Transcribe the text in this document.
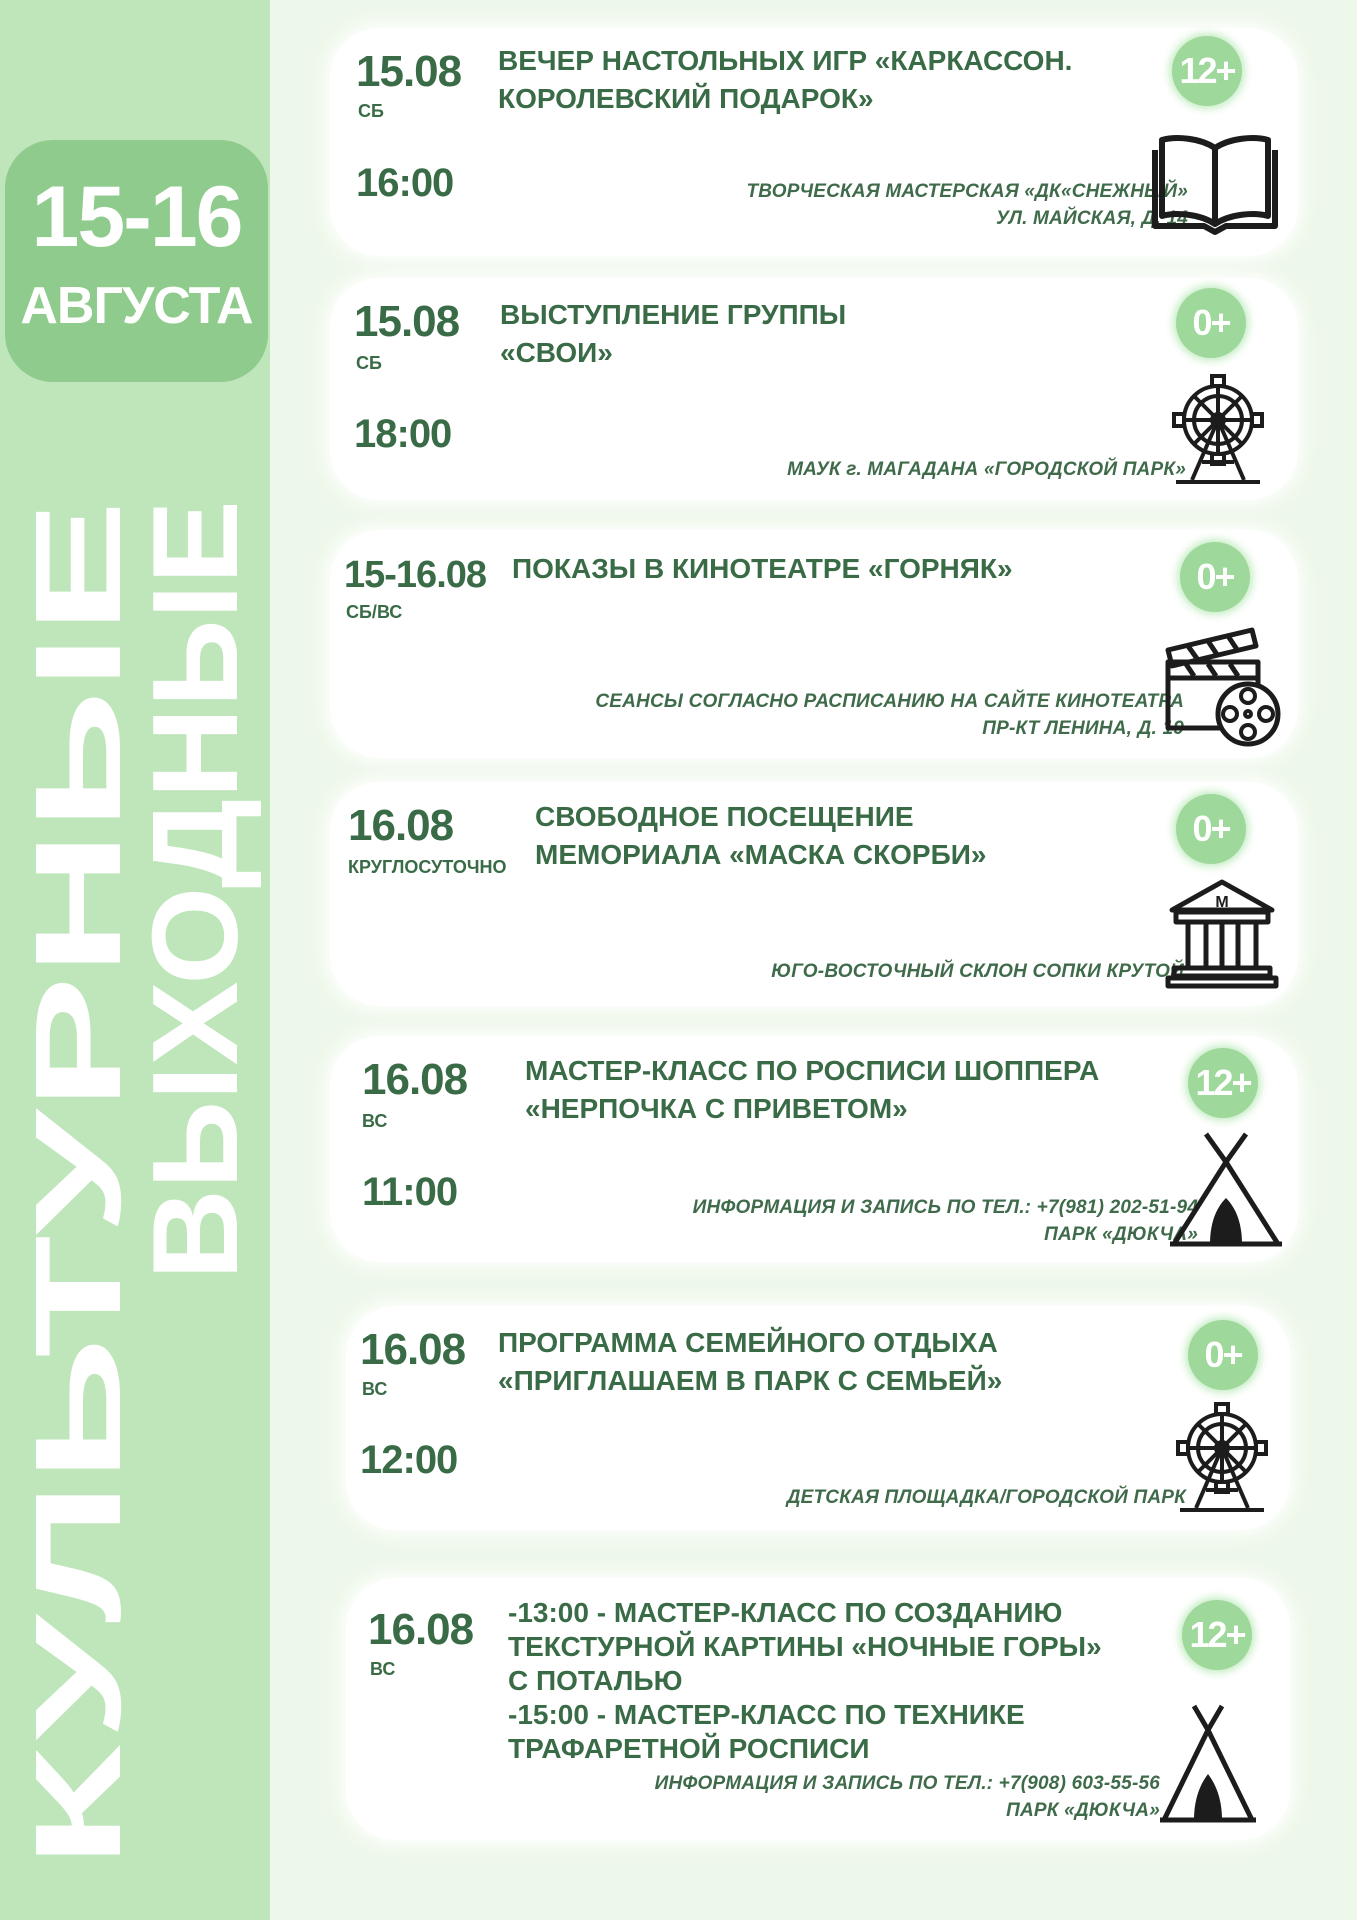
15-16
АВГУСТА
КУЛЬТУРНЫЕ
ВЫХОДНЫЕ
15.08
СБ
16:00
ВЕЧЕР НАСТОЛЬНЫХ ИГР «КАРКАССОН.
КОРОЛЕВСКИЙ ПОДАРОК»
ТВОРЧЕСКАЯ МАСТЕРСКАЯ «ДК«СНЕЖНЫЙ»
УЛ. МАЙСКАЯ, Д. 14
12+
15.08
СБ
18:00
ВЫСТУПЛЕНИЕ ГРУППЫ
«СВОИ»
МАУК г. МАГАДАНА «ГОРОДСКОЙ ПАРК»
0+
15-16.08
СБ/ВС
ПОКАЗЫ В КИНОТЕАТРЕ «ГОРНЯК»
СЕАНСЫ СОГЛАСНО РАСПИСАНИЮ НА САЙТЕ КИНОТЕАТРА
ПР-КТ ЛЕНИНА, Д. 19
0+
16.08
КРУГЛОСУТОЧНО
СВОБОДНОЕ ПОСЕЩЕНИЕ
МЕМОРИАЛА «МАСКА СКОРБИ»
ЮГО-ВОСТОЧНЫЙ СКЛОН СОПКИ КРУТОЙ
0+
М
16.08
ВС
11:00
МАСТЕР-КЛАСС ПО РОСПИСИ ШОППЕРА
«НЕРПОЧКА С ПРИВЕТОМ»
ИНФОРМАЦИЯ И ЗАПИСЬ ПО ТЕЛ.: +7(981) 202-51-94
ПАРК «ДЮКЧА»
12+
16.08
ВС
12:00
ПРОГРАММА СЕМЕЙНОГО ОТДЫХА
«ПРИГЛАШАЕМ В ПАРК С СЕМЬЕЙ»
ДЕТСКАЯ ПЛОЩАДКА/ГОРОДСКОЙ ПАРК
0+
16.08
ВС
-13:00 - МАСТЕР-КЛАСС ПО СОЗДАНИЮ
ТЕКСТУРНОЙ КАРТИНЫ «НОЧНЫЕ ГОРЫ»
С ПОТАЛЬЮ
-15:00 - МАСТЕР-КЛАСС ПО ТЕХНИКЕ
ТРАФАРЕТНОЙ РОСПИСИ
ИНФОРМАЦИЯ И ЗАПИСЬ ПО ТЕЛ.: +7(908) 603-55-56
ПАРК «ДЮКЧА»
12+
